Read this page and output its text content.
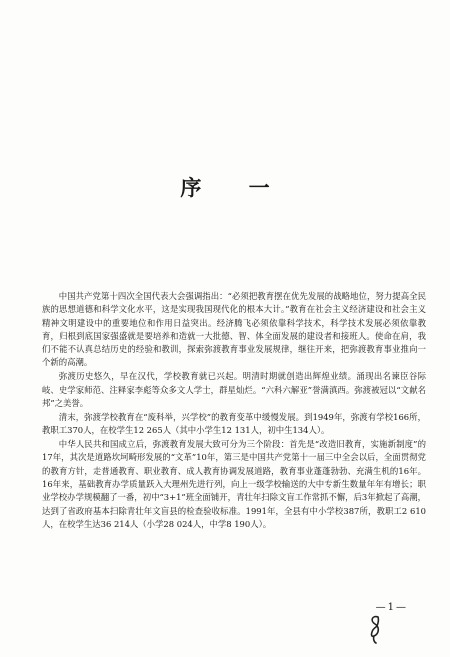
序 一

中国共产党第十四次全国代表大会强调指出：“必须把教育摆在优先发展的战略地位，努力提高全民族的思想道德和科学文化水平，这是实现我国现代化的根本大计。”教育在社会主义经济建设和社会主义精神文明建设中的重要地位和作用日益突出。经济腾飞必须依靠科学技术，科学技术发展必须依靠教育，归根到底国家强盛就是要培养和造就一大批德、智、体全面发展的建设者和接班人。使命在肩，我们不能不认真总结历史的经验和教训，探索弥渡教育事业发展规律，继往开来，把弥渡教育事业推向一个新的高潮。

弥渡历史悠久，早在汉代，学校教育就已兴起。明清时期就创造出辉煌业绩。涌现出名谏臣谷际岐、史学家师范、注释家李彪等众多文人学士，群星灿烂。“六科六解亚”誉满滇西。弥渡被冠以“文献名邦”之美誉。

清末，弥渡学校教育在“废科举，兴学校”的教育变革中缓慢发展。到1949年，弥渡有学校166所，教职工370人，在校学生12 265人（其中小学生12 131人，初中生134人）。

中华人民共和国成立后，弥渡教育发展大致可分为三个阶段：首先是“改造旧教育，实施新制度”的17年，其次是道路坎坷畸形发展的“文革”10年，第三是中国共产党第十一届三中全会以后，全面贯彻党的教育方针，走普通教育、职业教育、成人教育协调发展道路，教育事业蓬蓬勃勃、充满生机的16年。16年来，基础教育办学质量跃入大理州先进行列，向上一级学校输送的大中专新生数量年年有增长；职业学校办学规模翻了一番，初中“3+1”班全面铺开，青壮年扫除文盲工作常抓不懈，后3年掀起了高潮，达到了省政府基本扫除青壮年文盲县的检查验收标准。1991年，全县有中小学校387所，教职工2 610人，在校学生达36 214人（小学28 024人，中学8 190人）。

—1—
